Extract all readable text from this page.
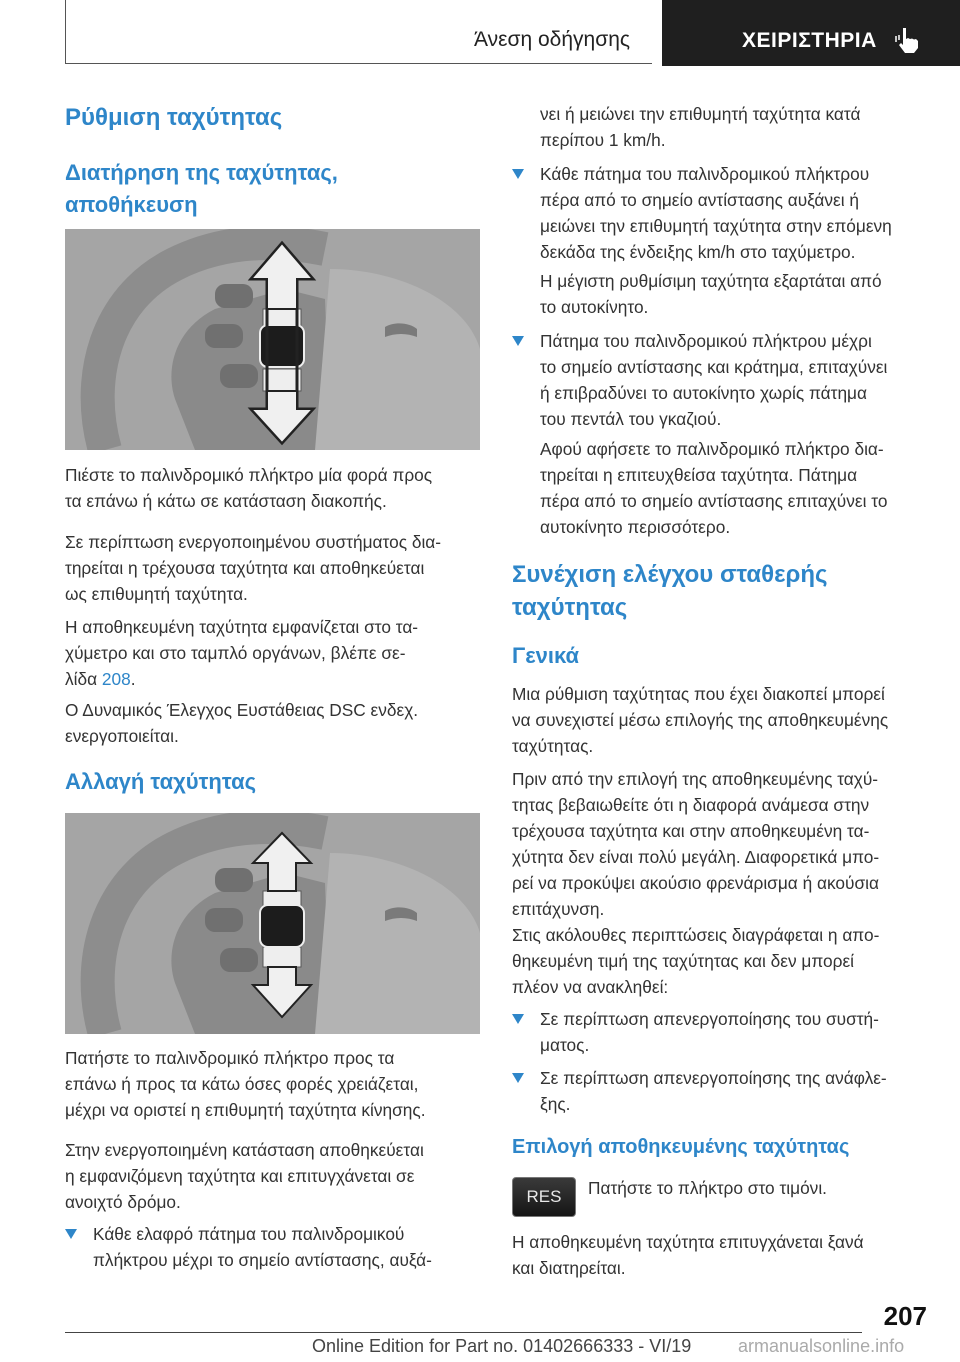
Άνεση οδήγησης	ΧΕΙΡΙΣΤΗΡΙΑ
Ρύθμιση ταχύτητας
Διατήρηση της ταχύτητας,
αποθήκευση
Πιέστε το παλινδρομικό πλήκτρο μία φορά προς
τα επάνω ή κάτω σε κατάσταση διακοπής.
Σε περίπτωση ενεργοποιημένου συστήματος δια-
τηρείται η τρέχουσα ταχύτητα και αποθηκεύεται
ως επιθυμητή ταχύτητα.
Η αποθηκευμένη ταχύτητα εμφανίζεται στο τα-
χύμετρο και στο ταμπλό οργάνων, βλέπε σε-
λίδα 208.
Ο Δυναμικός Έλεγχος Ευστάθειας DSC ενδεχ.
ενεργοποιείται.
Αλλαγή ταχύτητας
Πατήστε το παλινδρομικό πλήκτρο προς τα
επάνω ή προς τα κάτω όσες φορές χρειάζεται,
μέχρι να οριστεί η επιθυμητή ταχύτητα κίνησης.
Στην ενεργοποιημένη κατάσταση αποθηκεύεται
η εμφανιζόμενη ταχύτητα και επιτυγχάνεται σε
ανοιχτό δρόμο.
Κάθε ελαφρό πάτημα του παλινδρομικού
πλήκτρου μέχρι το σημείο αντίστασης, αυξά-
νει ή μειώνει την επιθυμητή ταχύτητα κατά
περίπου 1 km/h.
Κάθε πάτημα του παλινδρομικού πλήκτρου
πέρα από το σημείο αντίστασης αυξάνει ή
μειώνει την επιθυμητή ταχύτητα στην επόμενη
δεκάδα της ένδειξης km/h στο ταχύμετρο.
Η μέγιστη ρυθμίσιμη ταχύτητα εξαρτάται από
το αυτοκίνητο.
Πάτημα του παλινδρομικού πλήκτρου μέχρι
το σημείο αντίστασης και κράτημα, επιταχύνει
ή επιβραδύνει το αυτοκίνητο χωρίς πάτημα
του πεντάλ του γκαζιού.
Αφού αφήσετε το παλινδρομικό πλήκτρο δια-
τηρείται η επιτευχθείσα ταχύτητα. Πάτημα
πέρα από το σημείο αντίστασης επιταχύνει το
αυτοκίνητο περισσότερο.
Συνέχιση ελέγχου σταθερής
ταχύτητας
Γενικά
Μια ρύθμιση ταχύτητας που έχει διακοπεί μπορεί
να συνεχιστεί μέσω επιλογής της αποθηκευμένης
ταχύτητας.
Πριν από την επιλογή της αποθηκευμένης ταχύ-
τητας βεβαιωθείτε ότι η διαφορά ανάμεσα στην
τρέχουσα ταχύτητα και στην αποθηκευμένη τα-
χύτητα δεν είναι πολύ μεγάλη. Διαφορετικά μπο-
ρεί να προκύψει ακούσιο φρενάρισμα ή ακούσια
επιτάχυνση.
Στις ακόλουθες περιπτώσεις διαγράφεται η απο-
θηκευμένη τιμή της ταχύτητας και δεν μπορεί
πλέον να ανακληθεί:
Σε περίπτωση απενεργοποίησης του συστή-
ματος.
Σε περίπτωση απενεργοποίησης της ανάφλε-
ξης.
Επιλογή αποθηκευμένης ταχύτητας
RES	Πατήστε το πλήκτρο στο τιμόνι.
Η αποθηκευμένη ταχύτητα επιτυγχάνεται ξανά
και διατηρείται.
207
Online Edition for Part no. 01402666333 - VI/19	armanualsonline.info
